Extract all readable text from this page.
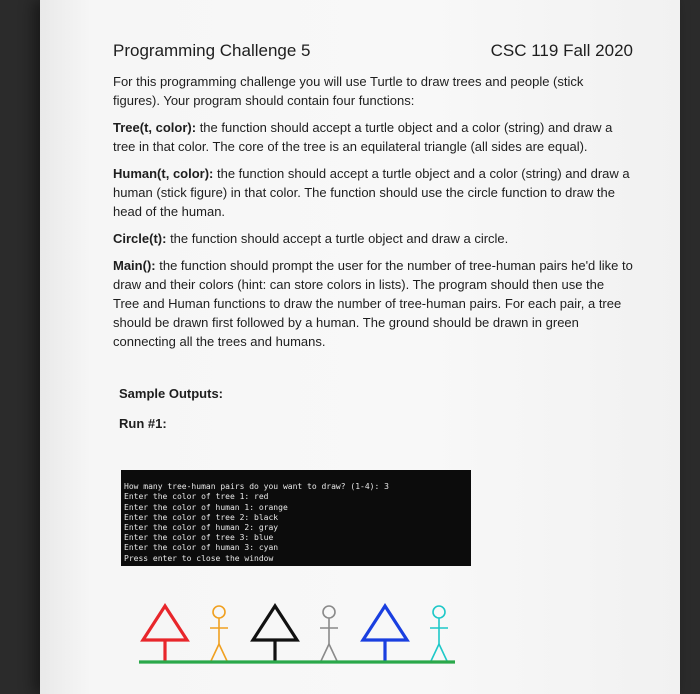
Programming Challenge 5	CSC 119 Fall 2020

For this programming challenge you will use Turtle to draw trees and people (stick figures). Your program should contain four functions:

Tree(t, color): the function should accept a turtle object and a color (string) and draw a tree in that color. The core of the tree is an equilateral triangle (all sides are equal).

Human(t, color): the function should accept a turtle object and a color (string) and draw a human (stick figure) in that color. The function should use the circle function to draw the head of the human.

Circle(t): the function should accept a turtle object and draw a circle.

Main(): the function should prompt the user for the number of tree-human pairs he'd like to draw and their colors (hint: can store colors in lists). The program should then use the Tree and Human functions to draw the number of tree-human pairs. For each pair, a tree should be drawn first followed by a human. The ground should be drawn in green connecting all the trees and humans.

Sample Outputs:
Run #1:

How many tree-human pairs do you want to draw? (1-4): 3
Enter the color of tree 1: red
Enter the color of human 1: orange
Enter the color of tree 2: black
Enter the color of human 2: gray
Enter the color of tree 3: blue
Enter the color of human 3: cyan
Press enter to close the window
